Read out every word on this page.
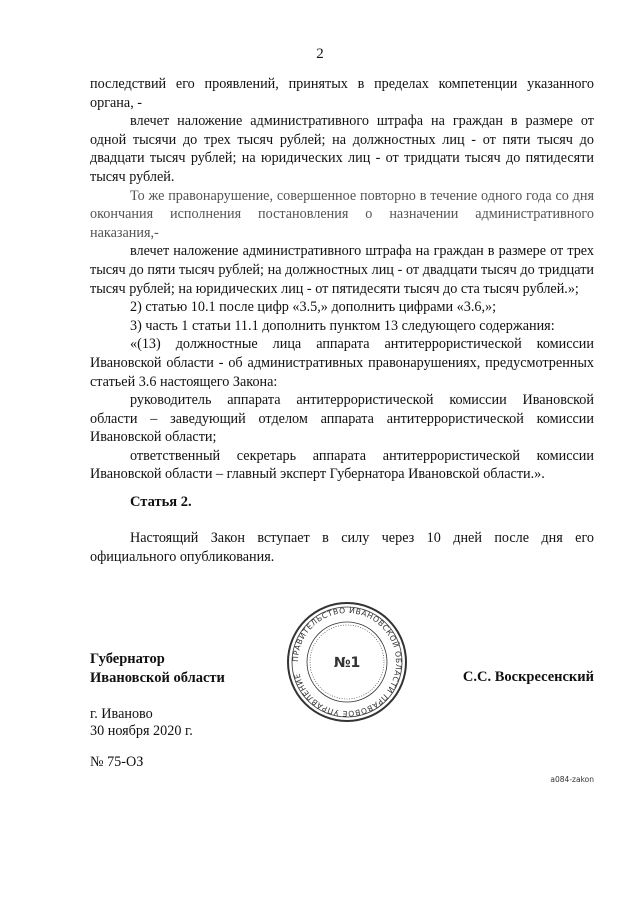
2

последствий его проявлений, принятых в пределах компетенции указанного органа, -

влечет наложение административного штрафа на граждан в размере от одной тысячи до трех тысяч рублей; на должностных лиц - от пяти тысяч до двадцати тысяч рублей; на юридических лиц - от тридцати тысяч до пятидесяти тысяч рублей.

То же правонарушение, совершенное повторно в течение одного года со дня окончания исполнения постановления о назначении административного наказания,-

влечет наложение административного штрафа на граждан в размере от трех тысяч до пяти тысяч рублей; на должностных лиц - от двадцати тысяч до тридцати тысяч рублей; на юридических лиц - от пятидесяти тысяч до ста тысяч рублей.»;

2) статью 10.1 после цифр «3.5,» дополнить цифрами «3.6,»;

3) часть 1 статьи 11.1 дополнить пунктом 13 следующего содержания:

«(13) должностные лица аппарата антитеррористической комиссии Ивановской области - об административных правонарушениях, предусмотренных статьей 3.6 настоящего Закона:

руководитель аппарата антитеррористической комиссии Ивановской области – заведующий отделом аппарата антитеррористической комиссии Ивановской области;

ответственный секретарь аппарата антитеррористической комиссии Ивановской области – главный эксперт Губернатора Ивановской области.».

Статья 2.

Настоящий Закон вступает в силу через 10 дней после дня его официального опубликования.

Губернатор
Ивановской области
ПРАВИТЕЛЬСТВО ИВАНОВСКОЙ ОБЛАСТИ ПРАВОВОЕ УПРАВЛЕНИЕ
№1
С.С. Воскресенский
г. Иваново
30 ноября 2020 г.
№ 75-ОЗ
a084-zakon
